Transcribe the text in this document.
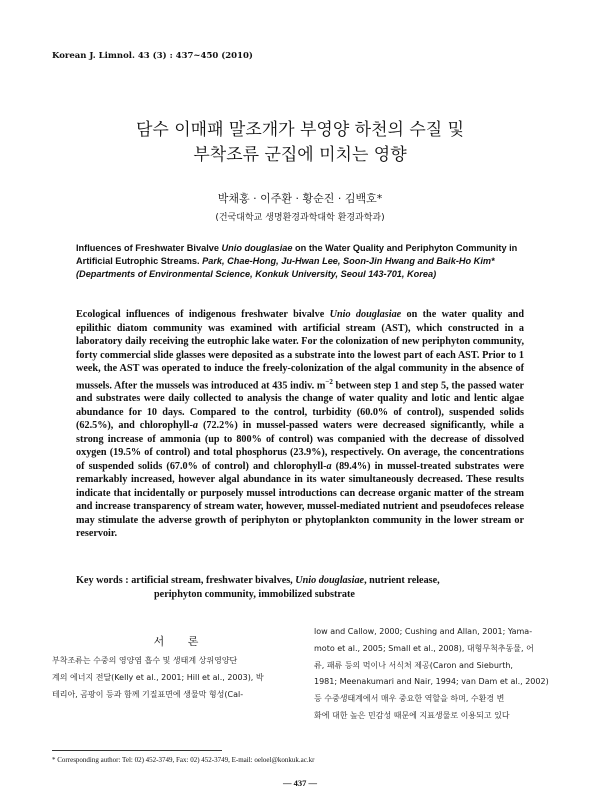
Korean J. Limnol. 43 (3) : 437~450 (2010)
담수 이매패 말조개가 부영양 하천의 수질 및
부착조류 군집에 미치는 영향
박채홍 · 이주환 · 황순진 · 김백호*
(건국대학교 생명환경과학대학 환경과학과)
Influences of Freshwater Bivalve Unio douglasiae on the Water Quality and Periphyton Community in Artificial Eutrophic Streams. Park, Chae-Hong, Ju-Hwan Lee, Soon-Jin Hwang and Baik-Ho Kim* (Departments of Environmental Science, Konkuk University, Seoul 143-701, Korea)
Ecological influences of indigenous freshwater bivalve Unio douglasiae on the water quality and epilithic diatom community was examined with artificial stream (AST), which constructed in a laboratory daily receiving the eutrophic lake water. For the colonization of new periphyton community, forty commercial slide glasses were deposited as a substrate into the lowest part of each AST. Prior to 1 week, the AST was operated to induce the freely-colonization of the algal community in the absence of mussels. After the mussels was introduced at 435 indiv. $m^{-2}$ between step 1 and step 5, the passed water and substrates were daily collected to analysis the change of water quality and lotic and lentic algae abundance for 10 days. Compared to the control, turbidity (60.0% of control), suspended solids (62.5%), and chlorophyll-a (72.2%) in mussel-passed waters were decreased significantly, while a strong increase of ammonia (up to 800% of control) was companied with the decrease of dissolved oxygen (19.5% of control) and total phosphorus (23.9%), respectively. On average, the concentrations of suspended solids (67.0% of control) and chlorophyll-a (89.4%) in mussel-treated substrates were remarkably increased, however algal abundance in its water simultaneously decreased. These results indicate that incidentally or purposely mussel introductions can decrease organic matter of the stream and increase transparency of stream water, however, mussel-mediated nutrient and pseudofeces release may stimulate the adverse growth of periphyton or phytoplankton community in the lower stream or reservoir.
Key words : artificial stream, freshwater bivalves, Unio douglasiae, nutrient release,
periphyton community, immobilized substrate
서 론
부착조류는 수중의 영양염 흡수 및 생태계 상위영양단
계의 에너지 전달(Kelly et al., 2001; Hill et al., 2003), 박
테리아, 곰팡이 등과 함께 기질표면에 생물막 형성(Cal-
low and Callow, 2000; Cushing and Allan, 2001; Yama-
moto et al., 2005; Small et al., 2008), 대형무척추동물, 어
류, 패류 등의 먹이나 서식처 제공(Caron and Sieburth,
1981; Meenakumari and Nair, 1994; van Dam et al., 2002)
등 수중생태계에서 매우 중요한 역할을 하며, 수환경 변
화에 대한 높은 민감성 때문에 지표생물로 이용되고 있다
* Corresponding author: Tel: 02) 452-3749, Fax: 02) 452-3749, E-mail: oeloel@konkuk.ac.kr
— 437 —
